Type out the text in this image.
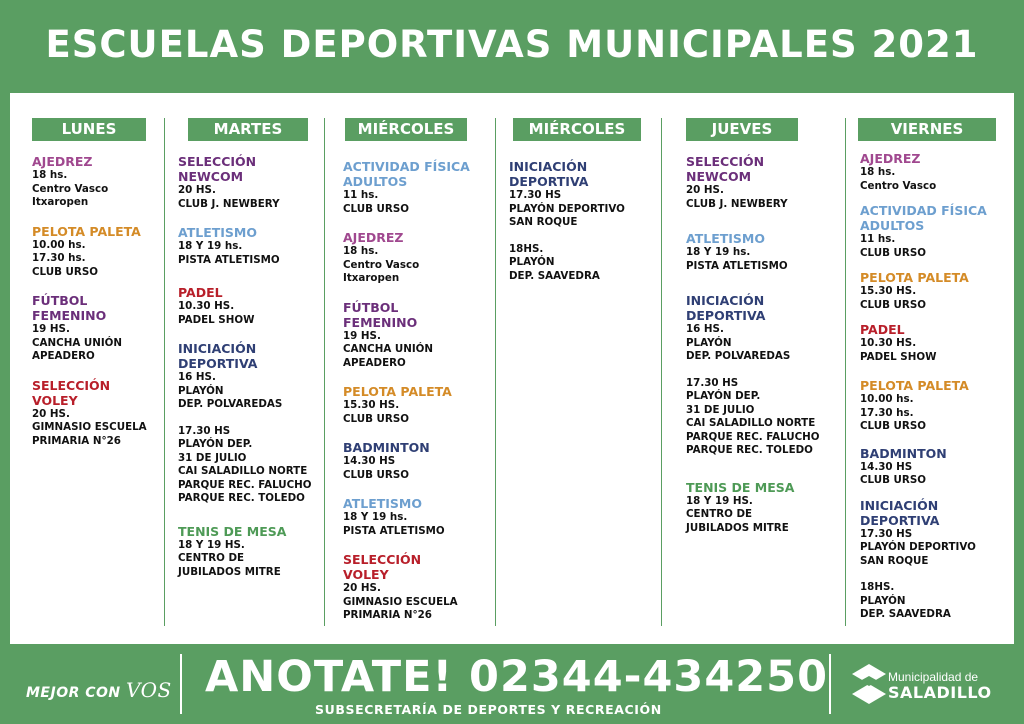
ESCUELAS DEPORTIVAS MUNICIPALES 2021
LUNES
AJEDREZ
18 hs.
Centro Vasco
Itxaropen
PELOTA PALETA
10.00 hs.
17.30 hs.
CLUB URSO
FÚTBOL
FEMENINO
19 HS.
CANCHA UNIÓN
APEADERO
SELECCIÓN
VOLEY
20 HS.
GIMNASIO ESCUELA
PRIMARIA N°26
MARTES
SELECCIÓN
NEWCOM
20 HS.
CLUB J. NEWBERY
ATLETISMO
18 Y 19 hs.
PISTA ATLETISMO
PADEL
10.30 HS.
PADEL SHOW
INICIACIÓN
DEPORTIVA
16 HS.
PLAYÓN
DEP. POLVAREDAS
17.30 HS
PLAYÓN DEP.
31 DE JULIO
CAI SALADILLO NORTE
PARQUE REC. FALUCHO
PARQUE REC. TOLEDO
TENIS DE MESA
18 Y 19 HS.
CENTRO DE
JUBILADOS MITRE
MIÉRCOLES
ACTIVIDAD FÍSICA
ADULTOS
11 hs.
CLUB URSO
AJEDREZ
18 hs.
Centro Vasco
Itxaropen
FÚTBOL
FEMENINO
19 HS.
CANCHA UNIÓN
APEADERO
PELOTA PALETA
15.30 HS.
CLUB URSO
BADMINTON
14.30 HS
CLUB URSO
ATLETISMO
18 Y 19 hs.
PISTA ATLETISMO
SELECCIÓN
VOLEY
20 HS.
GIMNASIO ESCUELA
PRIMARIA N°26
MIÉRCOLES
INICIACIÓN
DEPORTIVA
17.30 HS
PLAYÓN DEPORTIVO
SAN ROQUE
18HS.
PLAYÓN
DEP. SAAVEDRA
JUEVES
SELECCIÓN
NEWCOM
20 HS.
CLUB J. NEWBERY
ATLETISMO
18 Y 19 hs.
PISTA ATLETISMO
INICIACIÓN
DEPORTIVA
16 HS.
PLAYÓN
DEP. POLVAREDAS
17.30 HS
PLAYÓN DEP.
31 DE JULIO
CAI SALADILLO NORTE
PARQUE REC. FALUCHO
PARQUE REC. TOLEDO
TENIS DE MESA
18 Y 19 HS.
CENTRO DE
JUBILADOS MITRE
VIERNES
AJEDREZ
18 hs.
Centro Vasco
ACTIVIDAD FÍSICA
ADULTOS
11 hs.
CLUB URSO
PELOTA PALETA
15.30 HS.
CLUB URSO
PADEL
10.30 HS.
PADEL SHOW
PELOTA PALETA
10.00 hs.
17.30 hs.
CLUB URSO
BADMINTON
14.30 HS
CLUB URSO
INICIACIÓN
DEPORTIVA
17.30 HS
PLAYÓN DEPORTIVO
SAN ROQUE
18HS.
PLAYÓN
DEP. SAAVEDRA
MEJOR CON VOS ANOTATE! 02344-434250
SUBSECRETARÍA DE DEPORTES Y RECREACIÓN
Municipalidad de
SALADILLO
